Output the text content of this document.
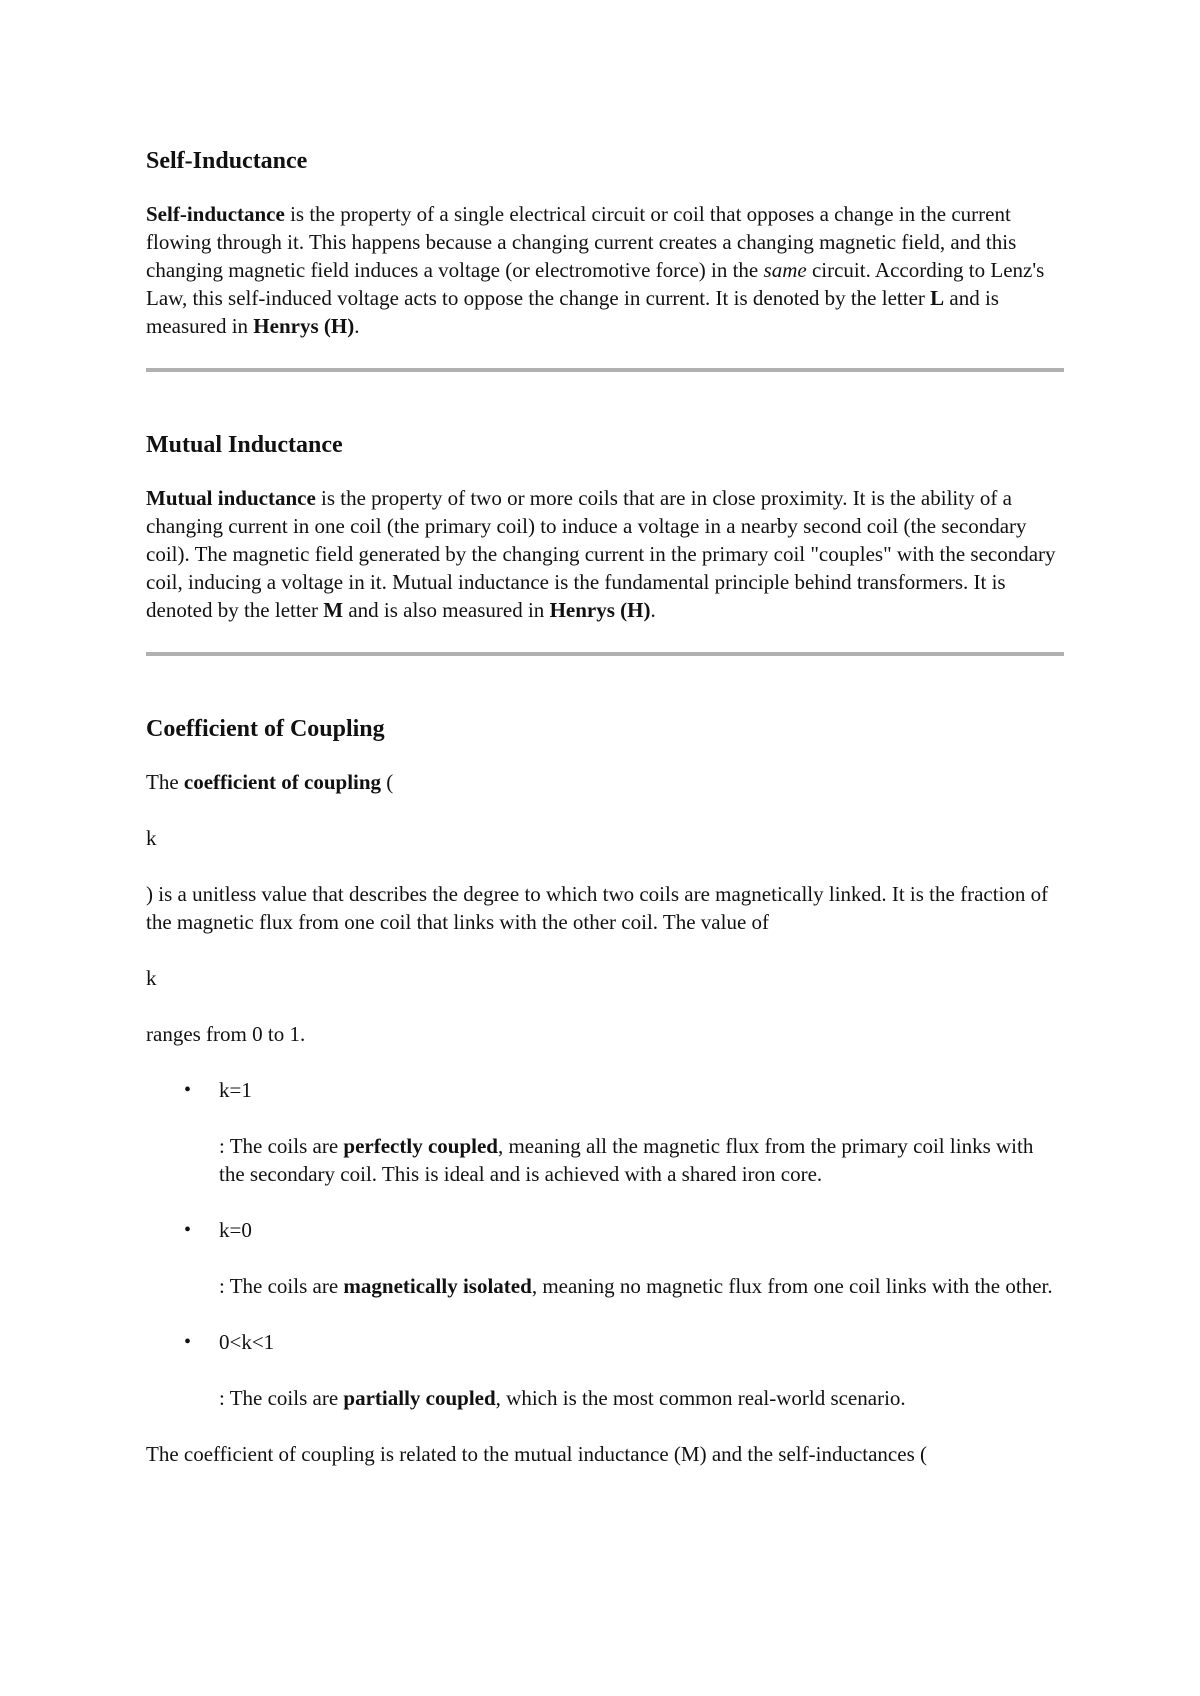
Self-Inductance

Self-inductance is the property of a single electrical circuit or coil that opposes a change in the current flowing through it. This happens because a changing current creates a changing magnetic field, and this changing magnetic field induces a voltage (or electromotive force) in the same circuit. According to Lenz's Law, this self-induced voltage acts to oppose the change in current. It is denoted by the letter L and is measured in Henrys (H).

Mutual Inductance

Mutual inductance is the property of two or more coils that are in close proximity. It is the ability of a changing current in one coil (the primary coil) to induce a voltage in a nearby second coil (the secondary coil). The magnetic field generated by the changing current in the primary coil "couples" with the secondary coil, inducing a voltage in it. Mutual inductance is the fundamental principle behind transformers. It is denoted by the letter M and is also measured in Henrys (H).

Coefficient of Coupling

The coefficient of coupling (

k

) is a unitless value that describes the degree to which two coils are magnetically linked. It is the fraction of the magnetic flux from one coil that links with the other coil. The value of

k

ranges from 0 to 1.

• k=1

: The coils are perfectly coupled, meaning all the magnetic flux from the primary coil links with the secondary coil. This is ideal and is achieved with a shared iron core.

• k=0

: The coils are magnetically isolated, meaning no magnetic flux from one coil links with the other.

• 0<k<1

: The coils are partially coupled, which is the most common real-world scenario.

The coefficient of coupling is related to the mutual inductance (M) and the self-inductances (
